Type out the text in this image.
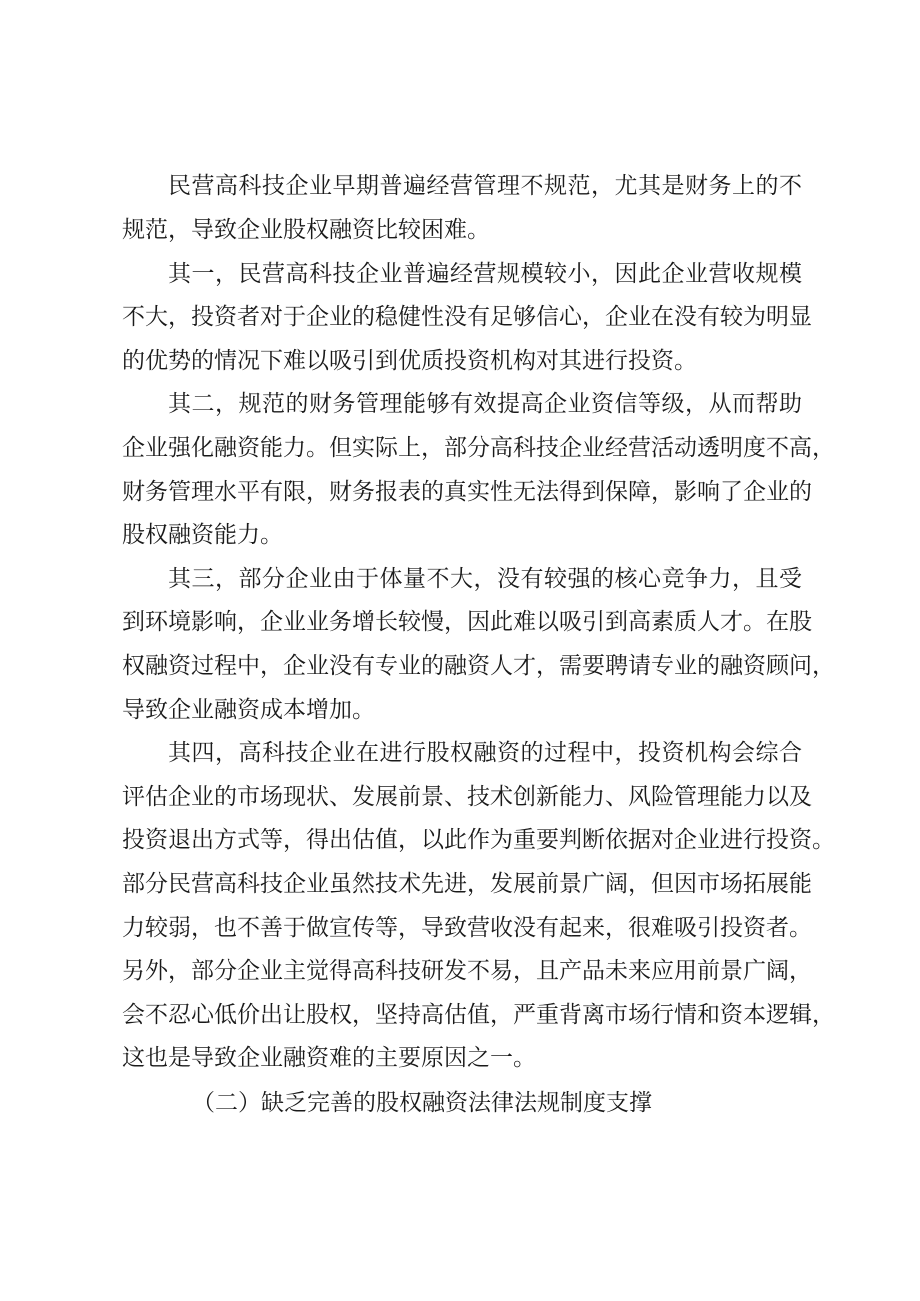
民营高科技企业早期普遍经营管理不规范，尤其是财务上的不
规范，导致企业股权融资比较困难。
其一，民营高科技企业普遍经营规模较小，因此企业营收规模
不大，投资者对于企业的稳健性没有足够信心，企业在没有较为明显
的优势的情况下难以吸引到优质投资机构对其进行投资。
其二，规范的财务管理能够有效提高企业资信等级，从而帮助
企业强化融资能力。但实际上，部分高科技企业经营活动透明度不高，
财务管理水平有限，财务报表的真实性无法得到保障，影响了企业的
股权融资能力。
其三，部分企业由于体量不大，没有较强的核心竞争力，且受
到环境影响，企业业务增长较慢，因此难以吸引到高素质人才。在股
权融资过程中，企业没有专业的融资人才，需要聘请专业的融资顾问，
导致企业融资成本增加。
其四，高科技企业在进行股权融资的过程中，投资机构会综合
评估企业的市场现状、发展前景、技术创新能力、风险管理能力以及
投资退出方式等，得出估值，以此作为重要判断依据对企业进行投资。
部分民营高科技企业虽然技术先进，发展前景广阔，但因市场拓展能
力较弱，也不善于做宣传等，导致营收没有起来，很难吸引投资者。
另外，部分企业主觉得高科技研发不易，且产品未来应用前景广阔，
会不忍心低价出让股权，坚持高估值，严重背离市场行情和资本逻辑，
这也是导致企业融资难的主要原因之一。
（二）缺乏完善的股权融资法律法规制度支撑
